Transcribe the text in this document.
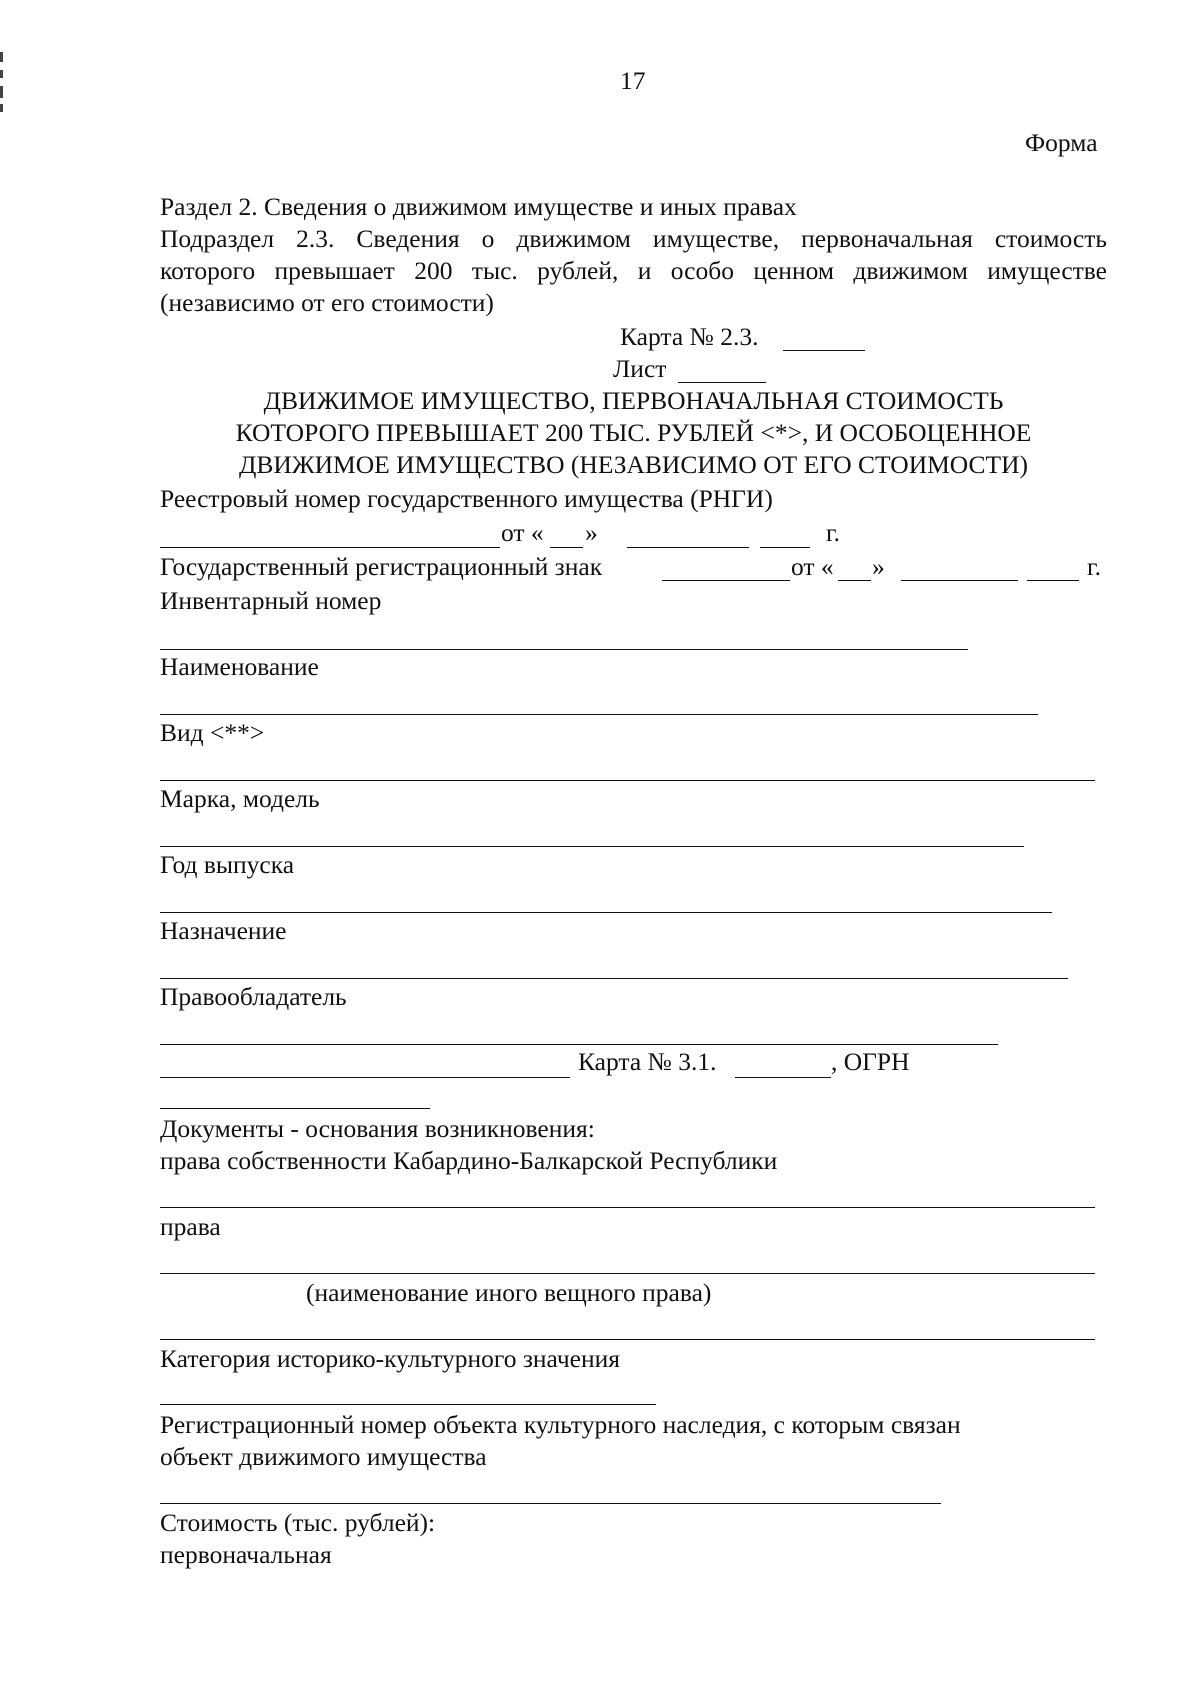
17
Форма
Раздел 2. Сведения о движимом имуществе и иных правах
Подраздел 2.3. Сведения о движимом имуществе, первоначальная стоимость
которого превышает 200 тыс. рублей, и особо ценном движимом имуществе
(независимо от его стоимости)
Карта № 2.3.
Лист
ДВИЖИМОЕ ИМУЩЕСТВО, ПЕРВОНАЧАЛЬНАЯ СТОИМОСТЬ
КОТОРОГО ПРЕВЫШАЕТ 200 ТЫС. РУБЛЕЙ <*>, И ОСОБОЦЕННОЕ
ДВИЖИМОЕ ИМУЩЕСТВО (НЕЗАВИСИМО ОТ ЕГО СТОИМОСТИ)
Реестровый номер государственного имущества (РНГИ)
от « »	г.
Государственный регистрационный знак	от « »	г.
Инвентарный номер
Наименование
Вид <**>
Марка, модель
Год выпуска
Назначение
Правообладатель
Карта № 3.1.	, ОГРН
Документы - основания возникновения:
права собственности Кабардино-Балкарской Республики
права
(наименование иного вещного права)
Категория историко-культурного значения
Регистрационный номер объекта культурного наследия, с которым связан
объект движимого имущества
Стоимость (тыс. рублей):
первоначальная
